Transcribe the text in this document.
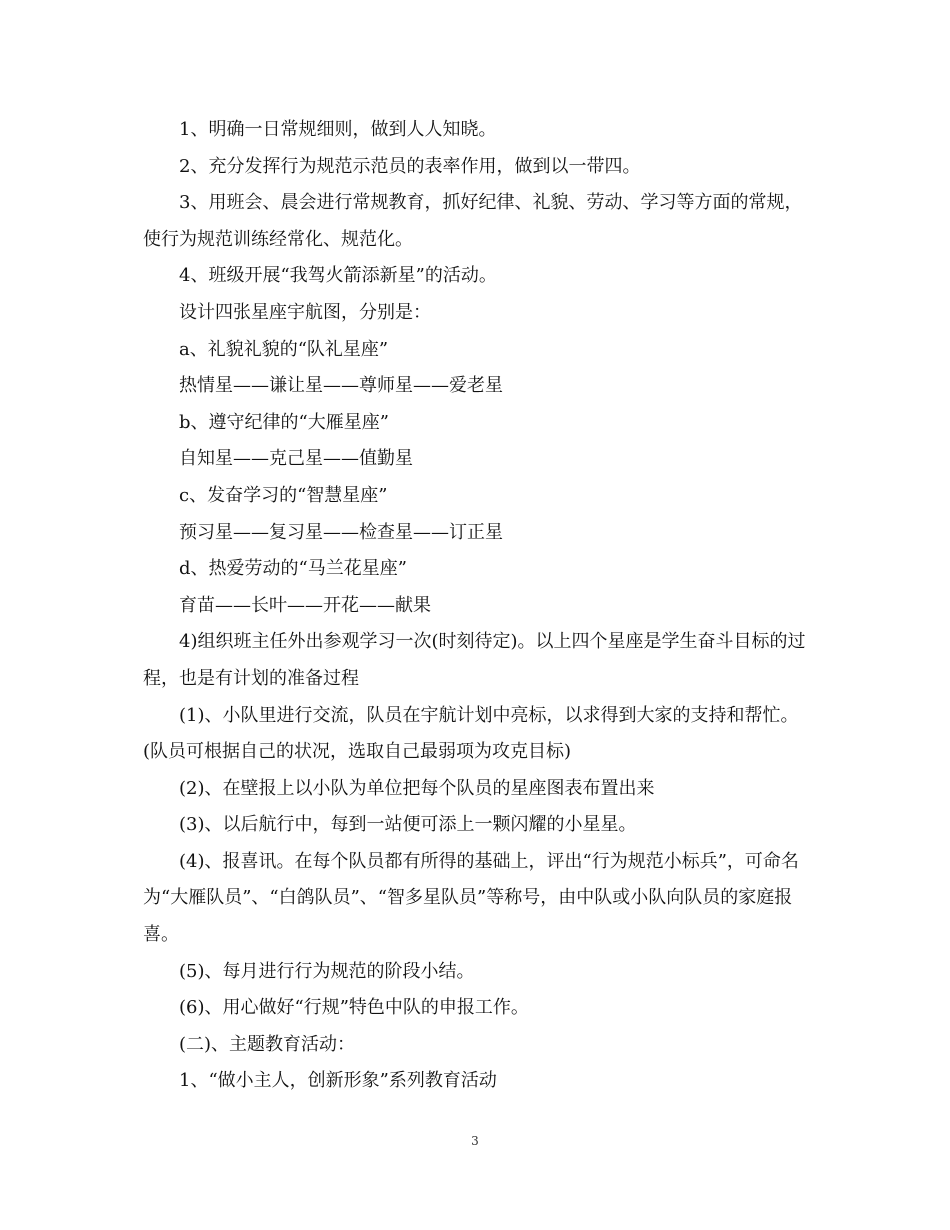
1、明确一日常规细则，做到人人知晓。

2、充分发挥行为规范示范员的表率作用，做到以一带四。

3、用班会、晨会进行常规教育，抓好纪律、礼貌、劳动、学习等方面的常规，使行为规范训练经常化、规范化。

4、班级开展“我驾火箭添新星”的活动。

设计四张星座宇航图，分别是：

a、礼貌礼貌的“队礼星座”

热情星——谦让星——尊师星——爱老星

b、遵守纪律的“大雁星座”

自知星——克己星——值勤星

c、发奋学习的“智慧星座”

预习星——复习星——检查星——订正星

d、热爱劳动的“马兰花星座”

育苗——长叶——开花——献果

4)组织班主任外出参观学习一次(时刻待定)。以上四个星座是学生奋斗目标的过程，也是有计划的准备过程

(1)、小队里进行交流，队员在宇航计划中亮标，以求得到大家的支持和帮忙。(队员可根据自己的状况，选取自己最弱项为攻克目标)

(2)、在壁报上以小队为单位把每个队员的星座图表布置出来

(3)、以后航行中，每到一站便可添上一颗闪耀的小星星。

(4)、报喜讯。在每个队员都有所得的基础上，评出“行为规范小标兵”，可命名为“大雁队员”、“白鸽队员”、“智多星队员”等称号，由中队或小队向队员的家庭报喜。

(5)、每月进行行为规范的阶段小结。

(6)、用心做好“行规”特色中队的申报工作。

(二)、主题教育活动：

1、“做小主人，创新形象”系列教育活动

3
